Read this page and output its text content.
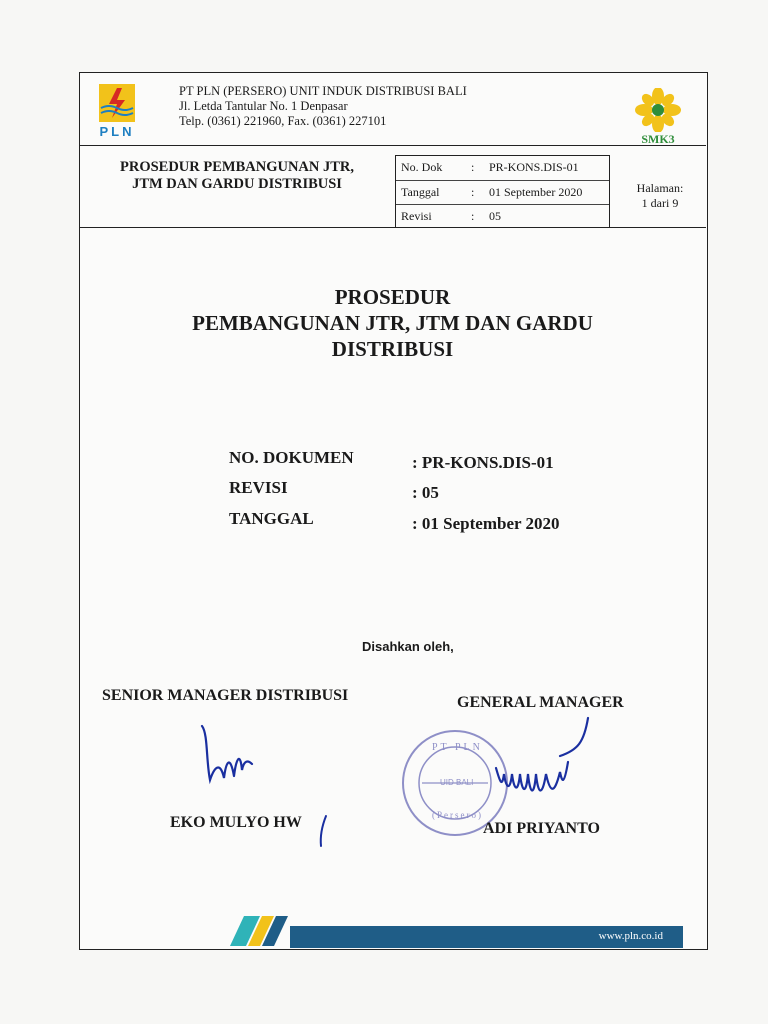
PLN
PT PLN (PERSERO) UNIT INDUK DISTRIBUSI BALI
Jl. Letda Tantular No. 1 Denpasar
Telp. (0361) 221960, Fax. (0361) 227101
SMK3
PROSEDUR PEMBANGUNAN JTR,
JTM DAN GARDU DISTRIBUSI
No. Dok : PR-KONS.DIS-01
Tanggal	: 01 September 2020
Revisi	: 05
Halaman:
1 dari 9
PROSEDUR
PEMBANGUNAN JTR, JTM DAN GARDU
DISTRIBUSI
NO. DOKUMEN	: PR-KONS.DIS-01
REVISI	: 05
TANGGAL	: 01 September 2020
Disahkan oleh,
SENIOR MANAGER DISTRIBUSI	GENERAL MANAGER
PT PLN
UID BALI
(Persero)
EKO MULYO HW	ADI PRIYANTO
www.pln.co.id
